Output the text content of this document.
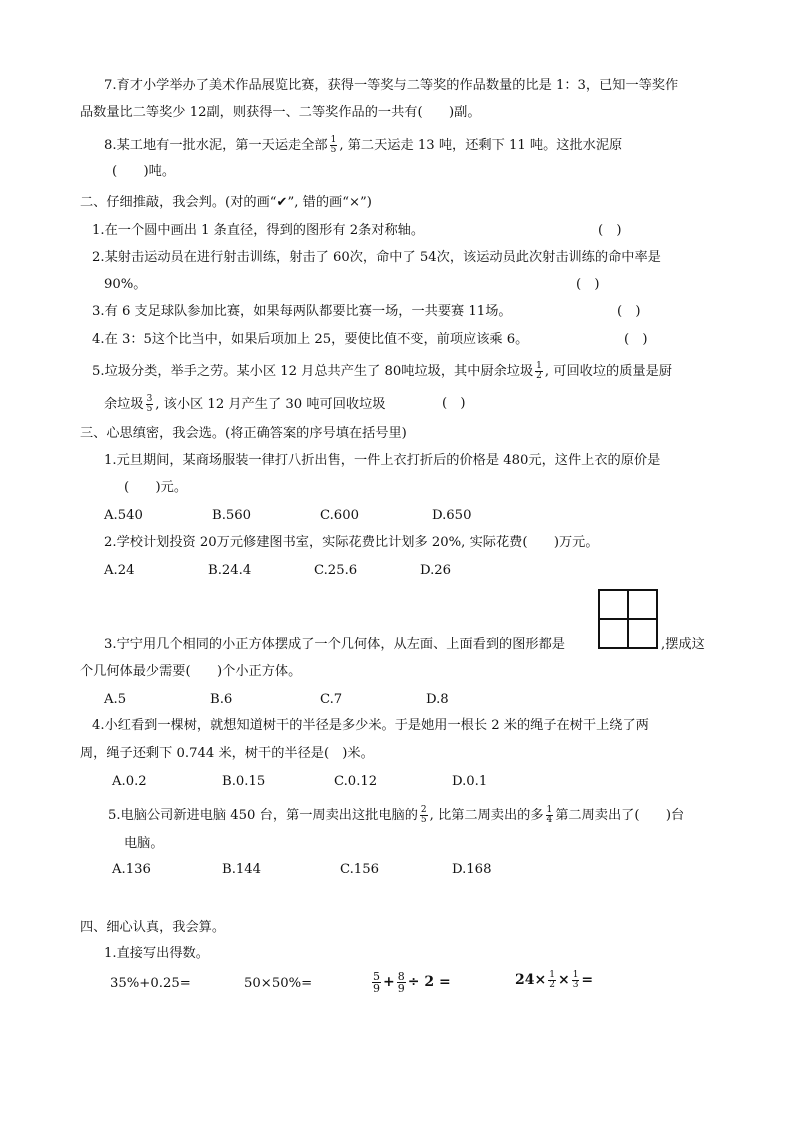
7.育才小学举办了美术作品展览比赛，获得一等奖与二等奖的作品数量的比是 1：3，已知一等奖作
品数量比二等奖少 12副，则获得一、二等奖作品的一共有(　　)副。
8.某工地有一批水泥，第一天运走全部 $\frac{1}{5}$ , 第二天运走 13 吨，还剩下 11 吨。这批水泥原
(　　)吨。
二、仔细推敲，我会判。(对的画“✔”, 错的画“×”)
1.在一个圆中画出 1 条直径，得到的图形有 2条对称轴。	(　)
2.某射击运动员在进行射击训练，射击了 60次，命中了 54次，该运动员此次射击训练的命中率是
90%。	(　)
3.有 6 支足球队参加比赛，如果每两队都要比赛一场，一共要赛 11场。	(　)
4.在 3：5这个比当中，如果后项加上 25，要使比值不变，前项应该乘 6。	(　)
5.垃圾分类，举手之劳。某小区 12 月总共产生了 80吨垃圾，其中厨余垃圾 $\frac{1}{2}$ , 可回收垃的质量是厨
余垃圾 $\frac{3}{5}$ , 该小区 12 月产生了 30 吨可回收垃圾	(　)
三、心思缜密，我会选。(将正确答案的序号填在括号里)
1.元旦期间，某商场服装一律打八折出售，一件上衣打折后的价格是 480元，这件上衣的原价是
(　　)元。
A.540	B.560	C.600	D.650
2.学校计划投资 20万元修建图书室，实际花费比计划多 20%, 实际花费(　　)万元。
A.24	B.24.4	C.25.6	D.26
3.宁宁用几个相同的小正方体摆成了一个几何体，从左面、上面看到的图形都是	,摆成这
个几何体最少需要(　　)个小正方体。
A.5	B.6	C.7	D.8
4.小红看到一棵树，就想知道树干的半径是多少米。于是她用一根长 2 米的绳子在树干上绕了两
周，绳子还剩下 0.744 米，树干的半径是(　)米。
A.0.2	B.0.15	C.0.12	D.0.1
5.电脑公司新进电脑 450 台，第一周卖出这批电脑的 $\frac{2}{5}$ , 比第二周卖出的多 $\frac{1}{4}$ 第二周卖出了(　　)台
电脑。
A.136	B.144	C.156	D.168
四、细心认真，我会算。
1.直接写出得数。
35%+0.25=	50×50%=	$\frac{5}{9} + \frac{8}{9} \div 2$ =	$24\times \frac{1}{2} \times \frac{1}{3}$ =
